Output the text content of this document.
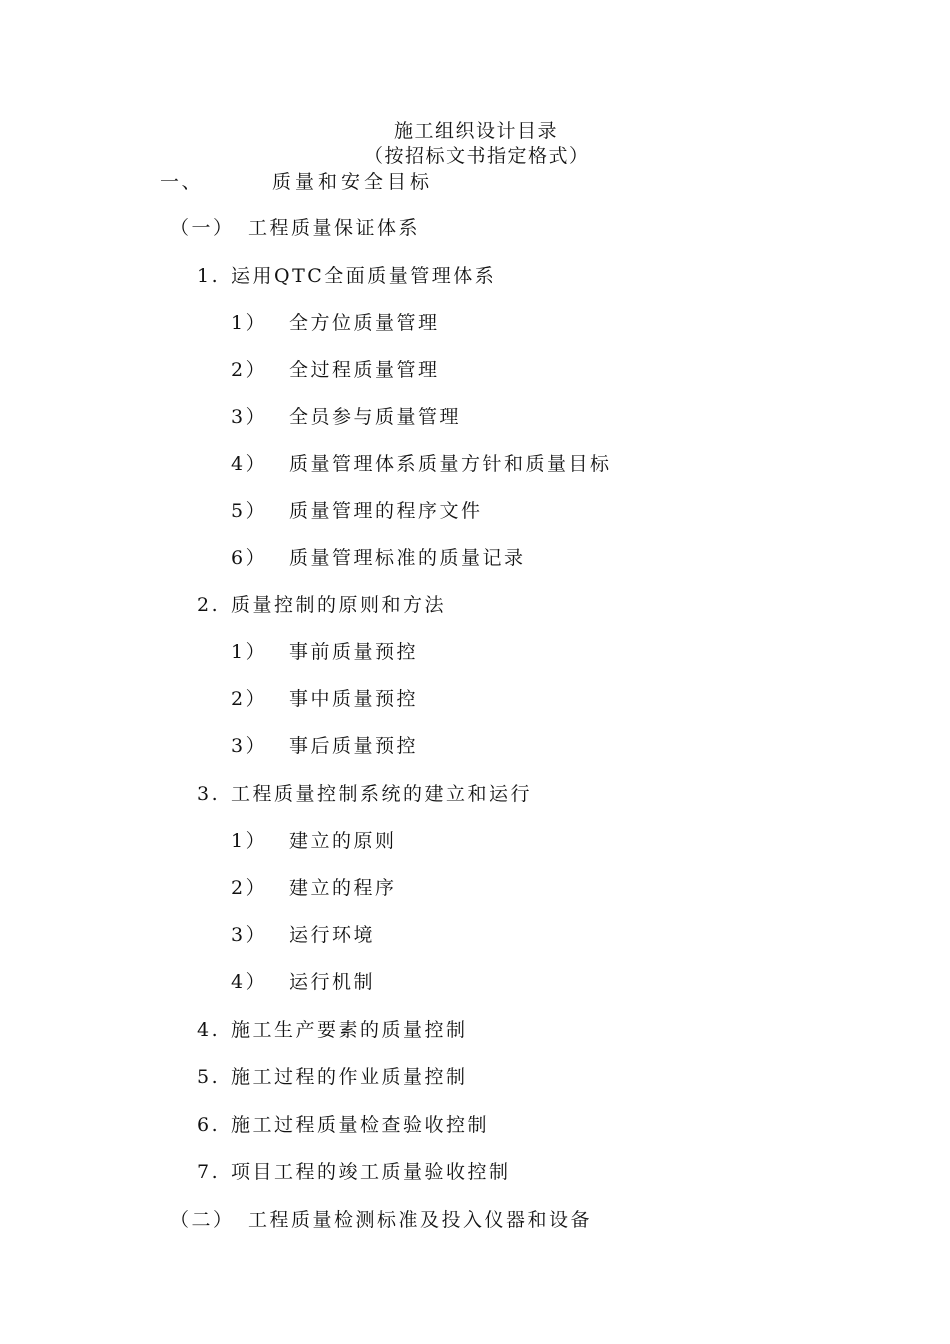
施工组织设计目录
（按招标文书指定格式）
一、	质量和安全目标
（一） 工程质量保证体系
1. 运用QTC全面质量管理体系
1） 全方位质量管理
2） 全过程质量管理
3） 全员参与质量管理
4） 质量管理体系质量方针和质量目标
5） 质量管理的程序文件
6） 质量管理标准的质量记录
2. 质量控制的原则和方法
1） 事前质量预控
2） 事中质量预控
3） 事后质量预控
3. 工程质量控制系统的建立和运行
1） 建立的原则
2） 建立的程序
3） 运行环境
4） 运行机制
4. 施工生产要素的质量控制
5. 施工过程的作业质量控制
6. 施工过程质量检查验收控制
7. 项目工程的竣工质量验收控制
（二） 工程质量检测标准及投入仪器和设备
